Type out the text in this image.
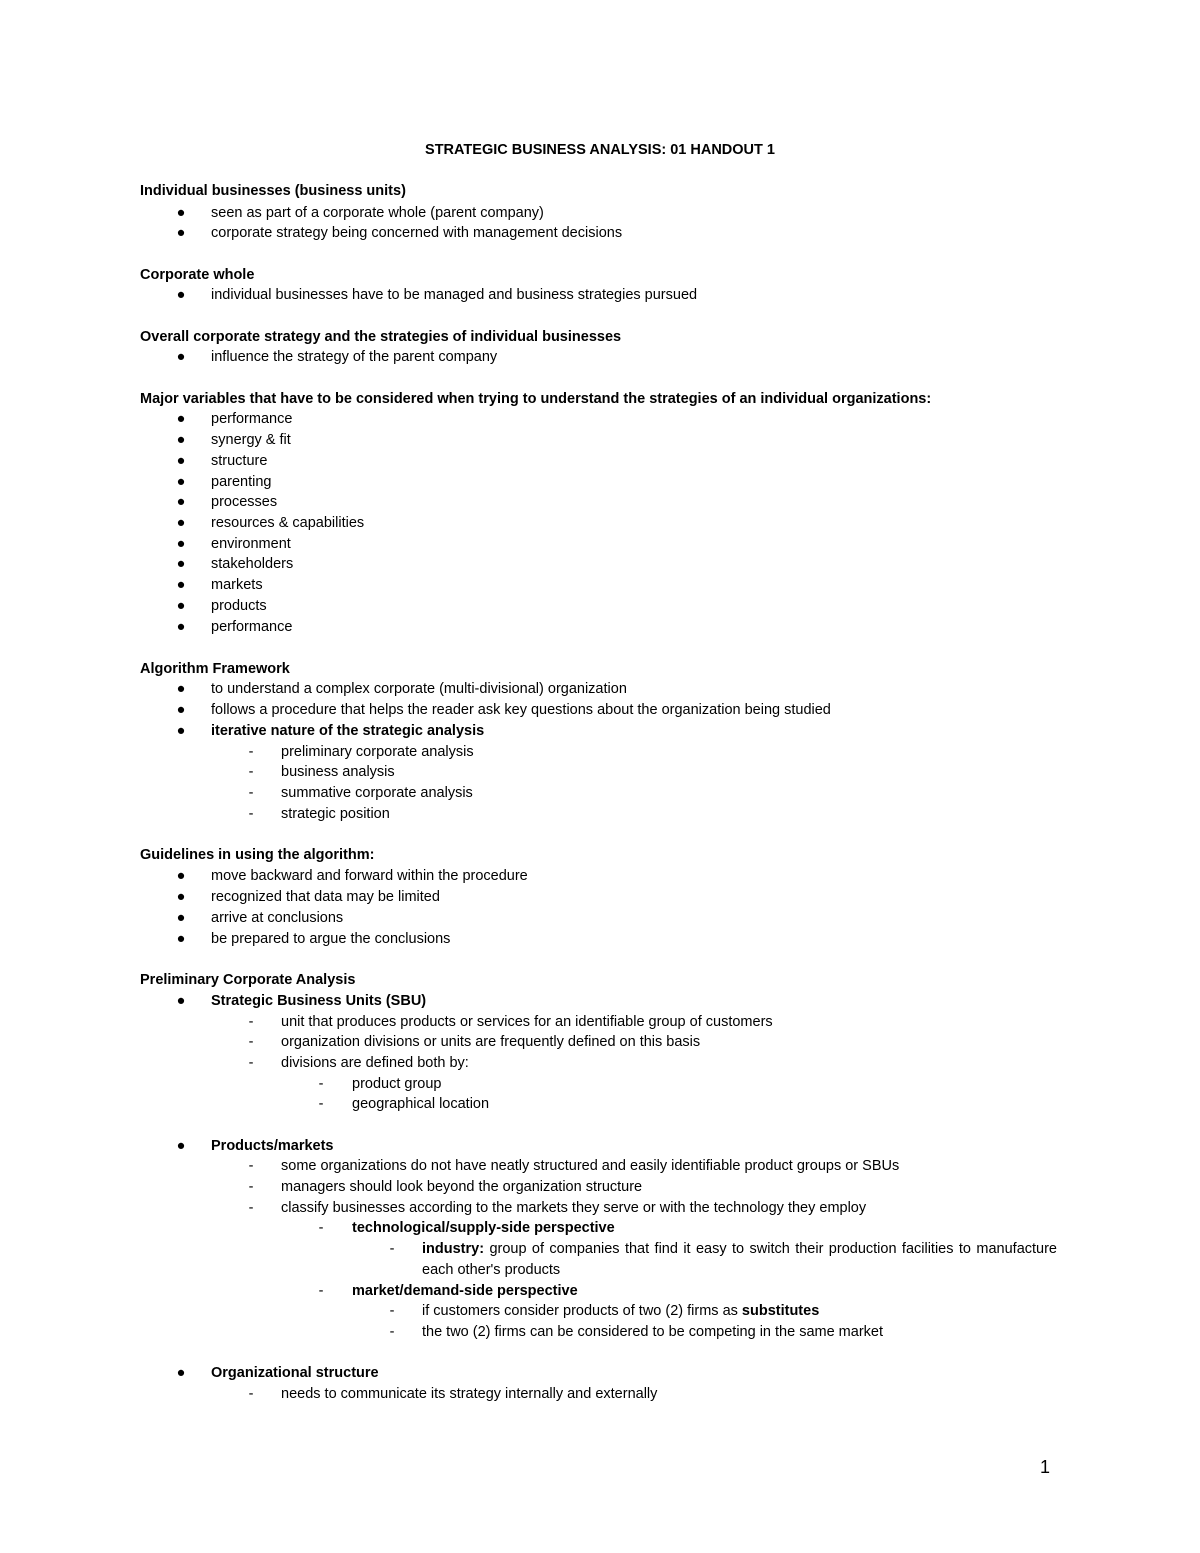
STRATEGIC BUSINESS ANALYSIS: 01 HANDOUT 1
Individual businesses (business units)
●	seen as part of a corporate whole (parent company)
●	corporate strategy being concerned with management decisions
Corporate whole
●	individual businesses have to be managed and business strategies pursued
Overall corporate strategy and the strategies of individual businesses
●	influence the strategy of the parent company
Major variables that have to be considered when trying to understand the strategies of an individual organizations:
●	performance
●	synergy & fit
●	structure
●	parenting
●	processes
●	resources & capabilities
●	environment
●	stakeholders
●	markets
●	products
●	performance
Algorithm Framework
●	to understand a complex corporate (multi-divisional) organization
●	follows a procedure that helps the reader ask key questions about the organization being studied
●	iterative nature of the strategic analysis
-	preliminary corporate analysis
-	business analysis
-	summative corporate analysis
-	strategic position
Guidelines in using the algorithm:
●	move backward and forward within the procedure
●	recognized that data may be limited
●	arrive at conclusions
●	be prepared to argue the conclusions
Preliminary Corporate Analysis
●	Strategic Business Units (SBU)
-	unit that produces products or services for an identifiable group of customers
-	organization divisions or units are frequently defined on this basis
-	divisions are defined both by:
-	product group
-	geographical location
●	Products/markets
-	some organizations do not have neatly structured and easily identifiable product groups or SBUs
-	managers should look beyond the organization structure
-	classify businesses according to the markets they serve or with the technology they employ
-	technological/supply-side perspective
-	industry: group of companies that find it easy to switch their production facilities to manufacture each other's products
-	market/demand-side perspective
-	if customers consider products of two (2) firms as substitutes
-	the two (2) firms can be considered to be competing in the same market
●	Organizational structure
-	needs to communicate its strategy internally and externally
1
